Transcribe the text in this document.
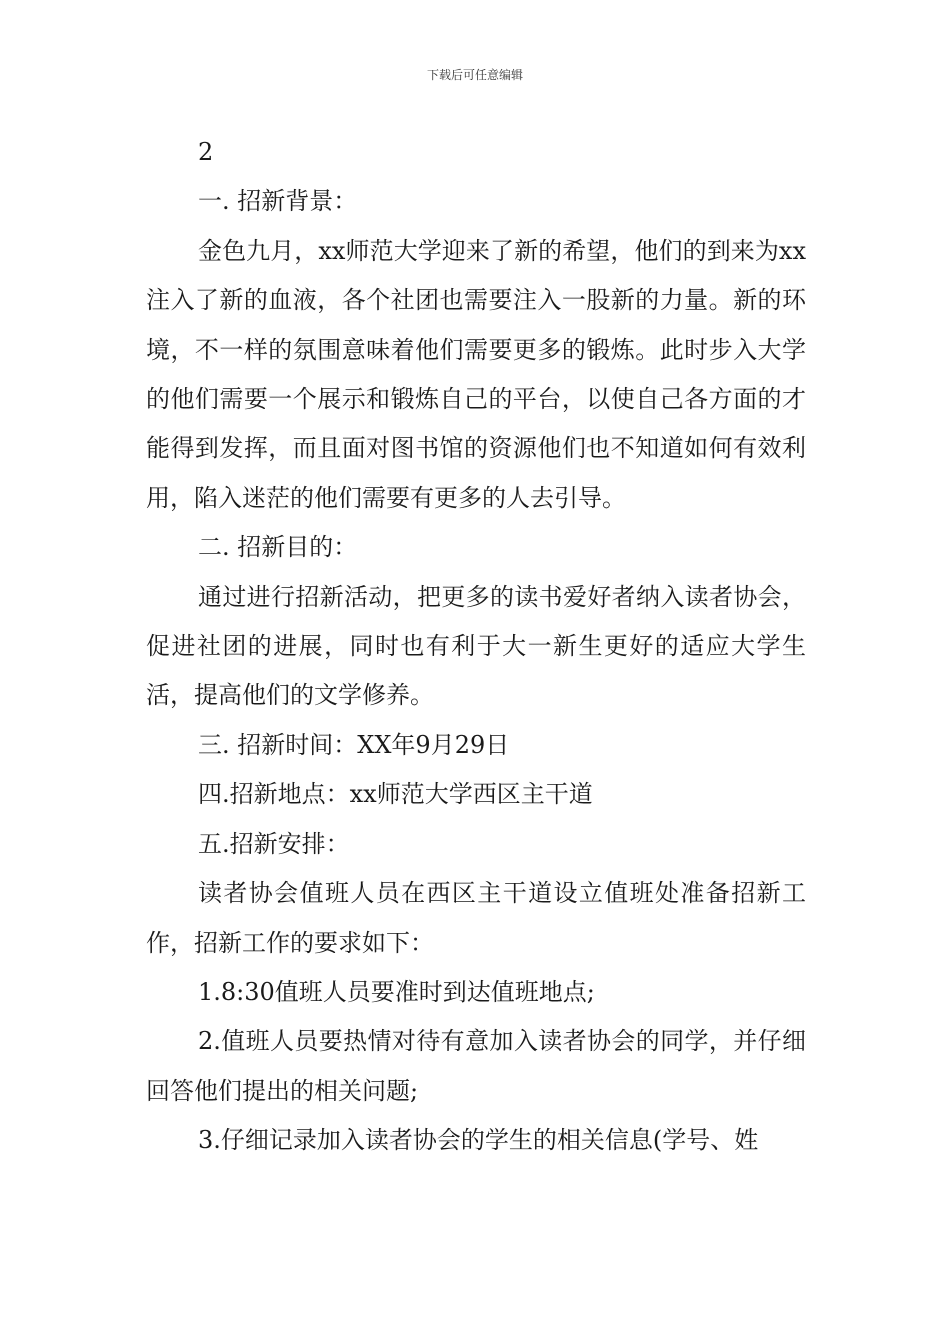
下载后可任意编辑

2

一. 招新背景：

金色九月，xx师范大学迎来了新的希望，他们的到来为xx注入了新的血液，各个社团也需要注入一股新的力量。新的环境，不一样的氛围意味着他们需要更多的锻炼。此时步入大学的他们需要一个展示和锻炼自己的平台，以使自己各方面的才能得到发挥，而且面对图书馆的资源他们也不知道如何有效利用，陷入迷茫的他们需要有更多的人去引导。

二. 招新目的：

通过进行招新活动，把更多的读书爱好者纳入读者协会，促进社团的进展，同时也有利于大一新生更好的适应大学生活，提高他们的文学修养。

三. 招新时间：XX年9月29日

四.招新地点：xx师范大学西区主干道

五.招新安排：

读者协会值班人员在西区主干道设立值班处准备招新工作，招新工作的要求如下：

1.8:30值班人员要准时到达值班地点;

2.值班人员要热情对待有意加入读者协会的同学，并仔细回答他们提出的相关问题;

3.仔细记录加入读者协会的学生的相关信息(学号、姓
